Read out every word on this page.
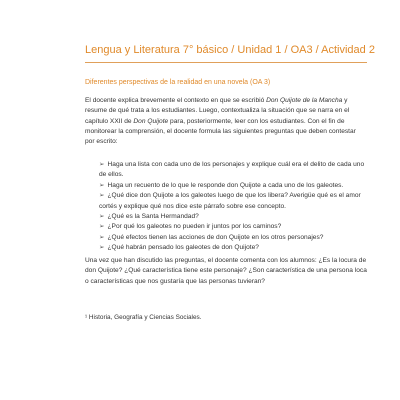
Lengua y Literatura 7° básico / Unidad 1 / OA3 / Actividad 2
Diferentes perspectivas de la realidad en una novela (OA 3)

El docente explica brevemente el contexto en que se escribió Don Quijote de la Mancha y resume de qué trata a los estudiantes. Luego, contextualiza la situación que se narra en el capítulo XXII de Don Quijote para, posteriormente, leer con los estudiantes. Con el fin de monitorear la comprensión, el docente formula las siguientes preguntas que deben contestar por escrito:

➢ Haga una lista con cada uno de los personajes y explique cuál era el delito de cada uno de ellos.
➢ Haga un recuento de lo que le responde don Quijote a cada uno de los galeotes.
➢ ¿Qué dice don Quijote a los galeotes luego de que los libera? Averigüe qué es el amor cortés y explique qué nos dice este párrafo sobre ese concepto.
➢ ¿Qué es la Santa Hermandad?
➢ ¿Por qué los galeotes no pueden ir juntos por los caminos?
➢ ¿Qué efectos tienen las acciones de don Quijote en los otros personajes?
➢ ¿Qué habrán pensado los galeotes de don Quijote?

Una vez que han discutido las preguntas, el docente comenta con los alumnos: ¿Es la locura de don Quijote? ¿Qué característica tiene este personaje? ¿Son característica de una persona loca o características que nos gustaría que las personas tuvieran?

¹ Historia, Geografía y Ciencias Sociales.
